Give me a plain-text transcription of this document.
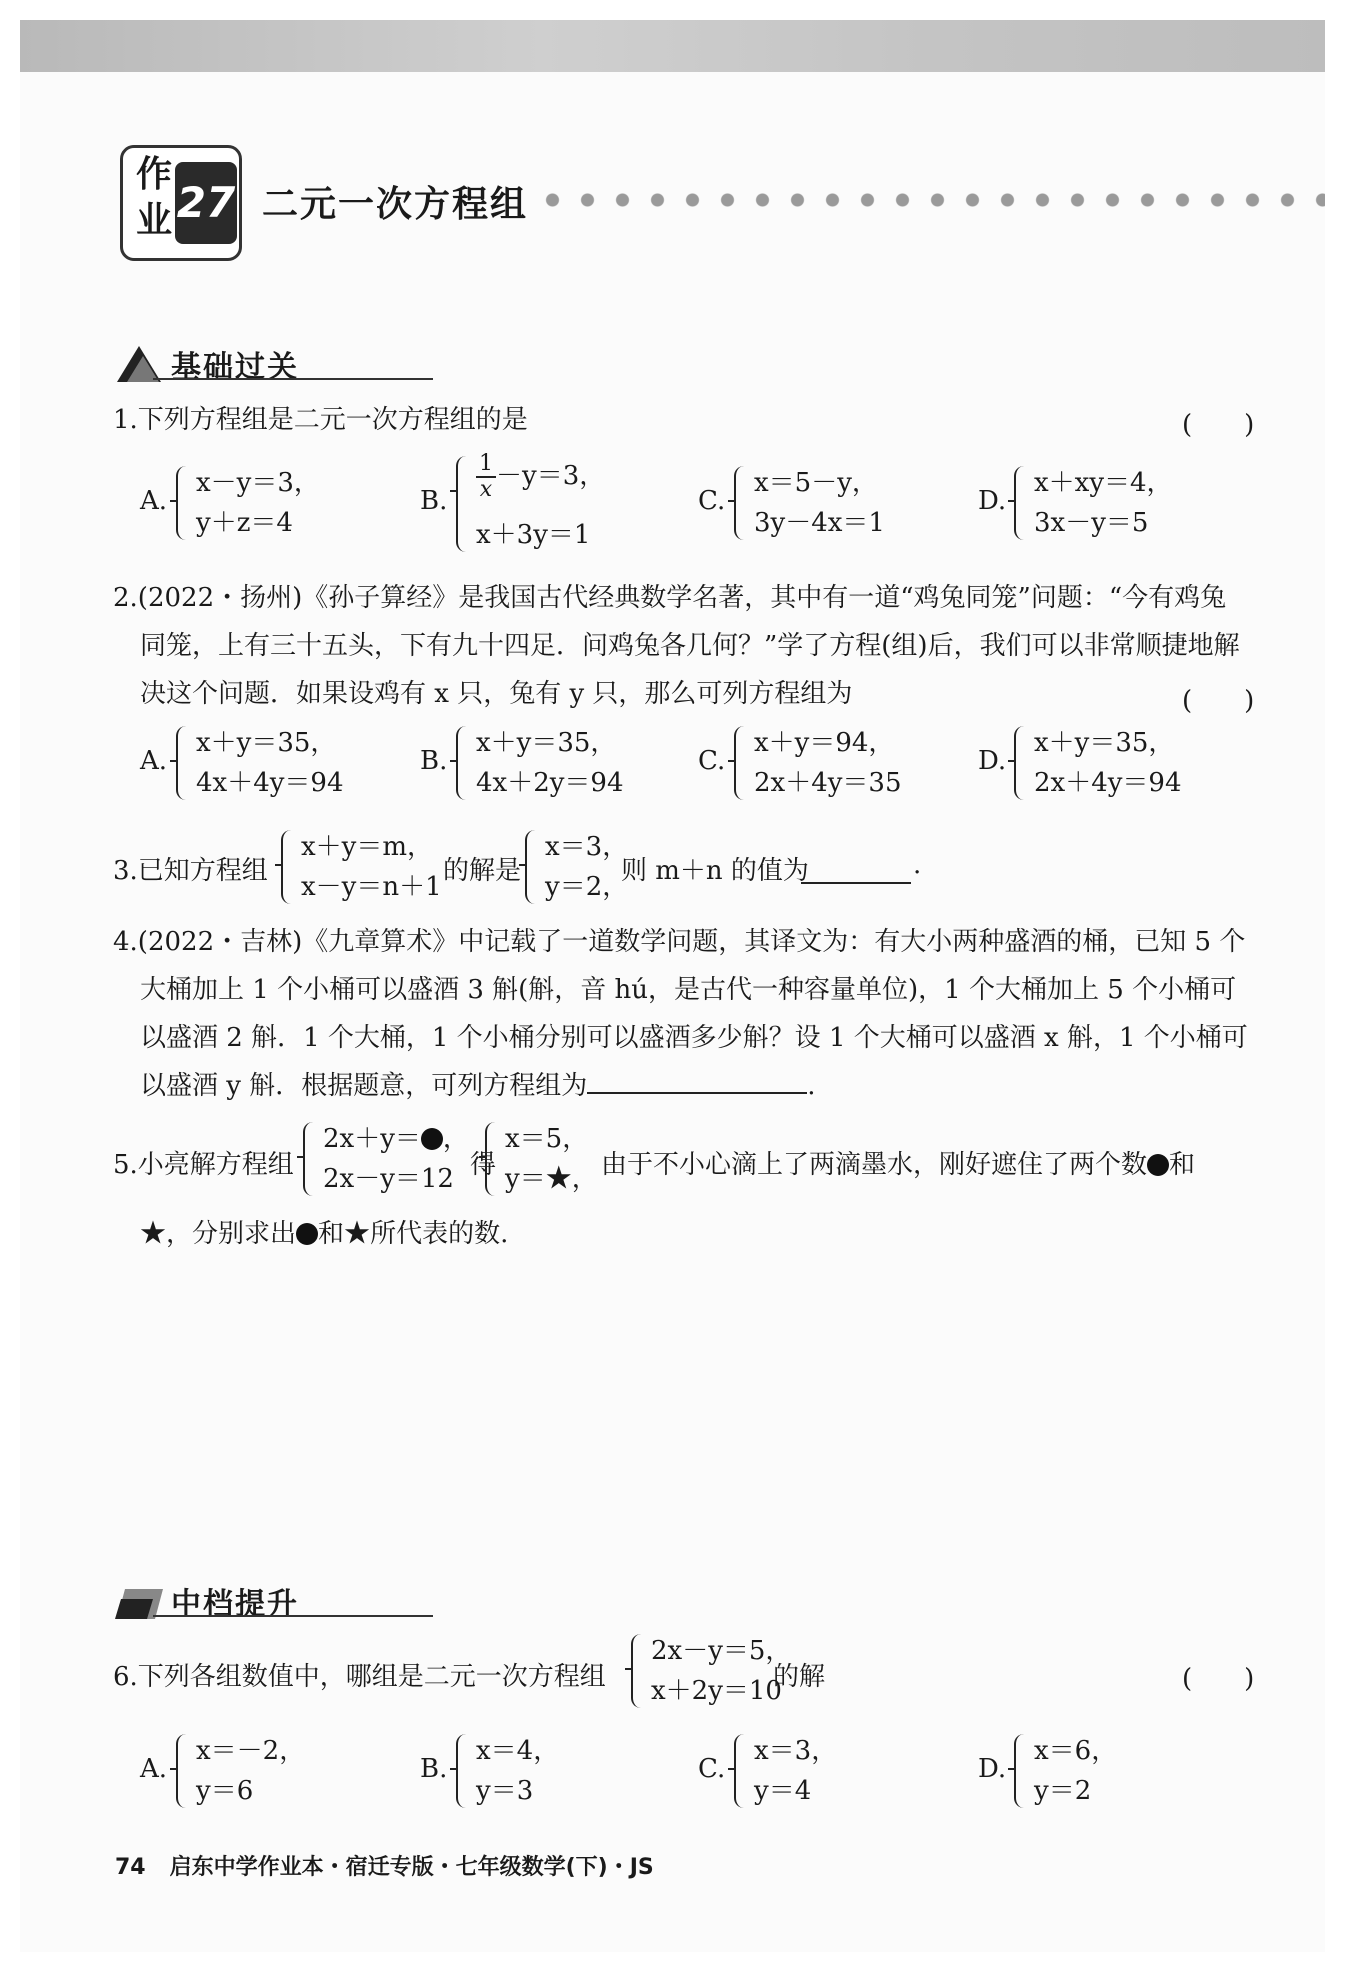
作业 27 二元一次方程组
基础过关
1.下列方程组是二元一次方程组的是	(　　)
A.
x－y＝3，
y＋z＝4
B. $\frac{1}{x} -y=3$，
x＋3y＝1
C.
x＝5－y，
3y－4x＝1
D.
x＋xy＝4，
3x－y＝5
2.(2022・扬州)《孙子算经》是我国古代经典数学名著，其中有一道“鸡兔同笼”问题：“今有鸡兔
同笼，上有三十五头，下有九十四足．问鸡兔各几何？”学了方程(组)后，我们可以非常顺捷地解
决这个问题．如果设鸡有 x 只，兔有 y 只，那么可列方程组为	(　　)
A.
x＋y＝35，
4x＋4y＝94
B.
x＋y＝35，
4x＋2y＝94
C.
x＋y＝94，
2x＋4y＝35
D.
x＋y＝35，
2x＋4y＝94
3.已知方程组
x＋y＝m，
x－y＝n＋1
的解是
x＝3，
y＝2，
则 m＋n 的值为	.
4.(2022・吉林)《九章算术》中记载了一道数学问题，其译文为：有大小两种盛酒的桶，已知 5 个
大桶加上 1 个小桶可以盛酒 3 斛(斛，音 hú，是古代一种容量单位)，1 个大桶加上 5 个小桶可
以盛酒 2 斛．1 个大桶，1 个小桶分别可以盛酒多少斛？设 1 个大桶可以盛酒 x 斛，1 个小桶可
以盛酒 y 斛．根据题意，可列方程组为	.
5.小亮解方程组
2x＋y＝ ，
2x－y＝12 得
x＝5，
y＝★， 由于不小心滴上了两滴墨水，刚好遮住了两个数 和
★，分别求出 和★所代表的数.
中档提升
6.下列各组数值中，哪组是二元一次方程组
2x－y＝5，
x＋2y＝10
的解	(　　)
A.
x＝－2，
y＝6
B.
x＝4，
y＝3
C.
x＝3，
y＝4
D.
x＝6，
y＝2
74 启东中学作业本・宿迁专版・七年级数学(下)・JS
